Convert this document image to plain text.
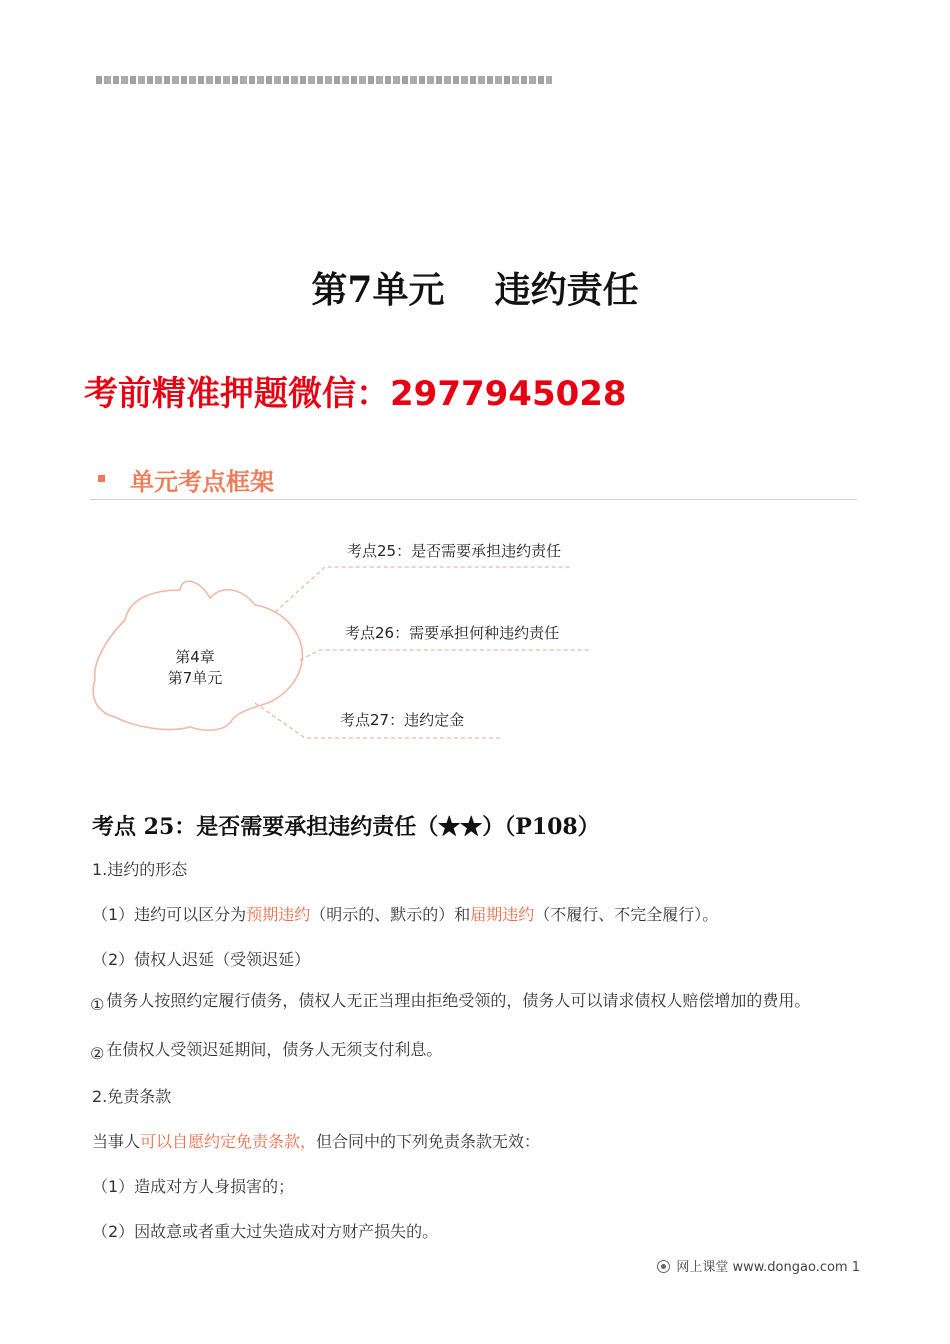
第7单元    违约责任
考前精准押题微信：2977945028
单元考点框架
第4章
第7单元
考点25：是否需要承担违约责任
考点26：需要承担何种违约责任
考点27：违约定金
考点 25：是否需要承担违约责任（★★）（P108）
1.违约的形态
（1）违约可以区分为预期违约（明示的、默示的）和届期违约（不履行、不完全履行）。
（2）债权人迟延（受领迟延）
① 债务人按照约定履行债务，债权人无正当理由拒绝受领的，债务人可以请求债权人赔偿增加的费用。
② 在债权人受领迟延期间，债务人无须支付利息。
2.免责条款
当事人可以自愿约定免责条款，但合同中的下列免责条款无效：
（1）造成对方人身损害的；
（2）因故意或者重大过失造成对方财产损失的。
网上课堂 www.dongao.com 1
